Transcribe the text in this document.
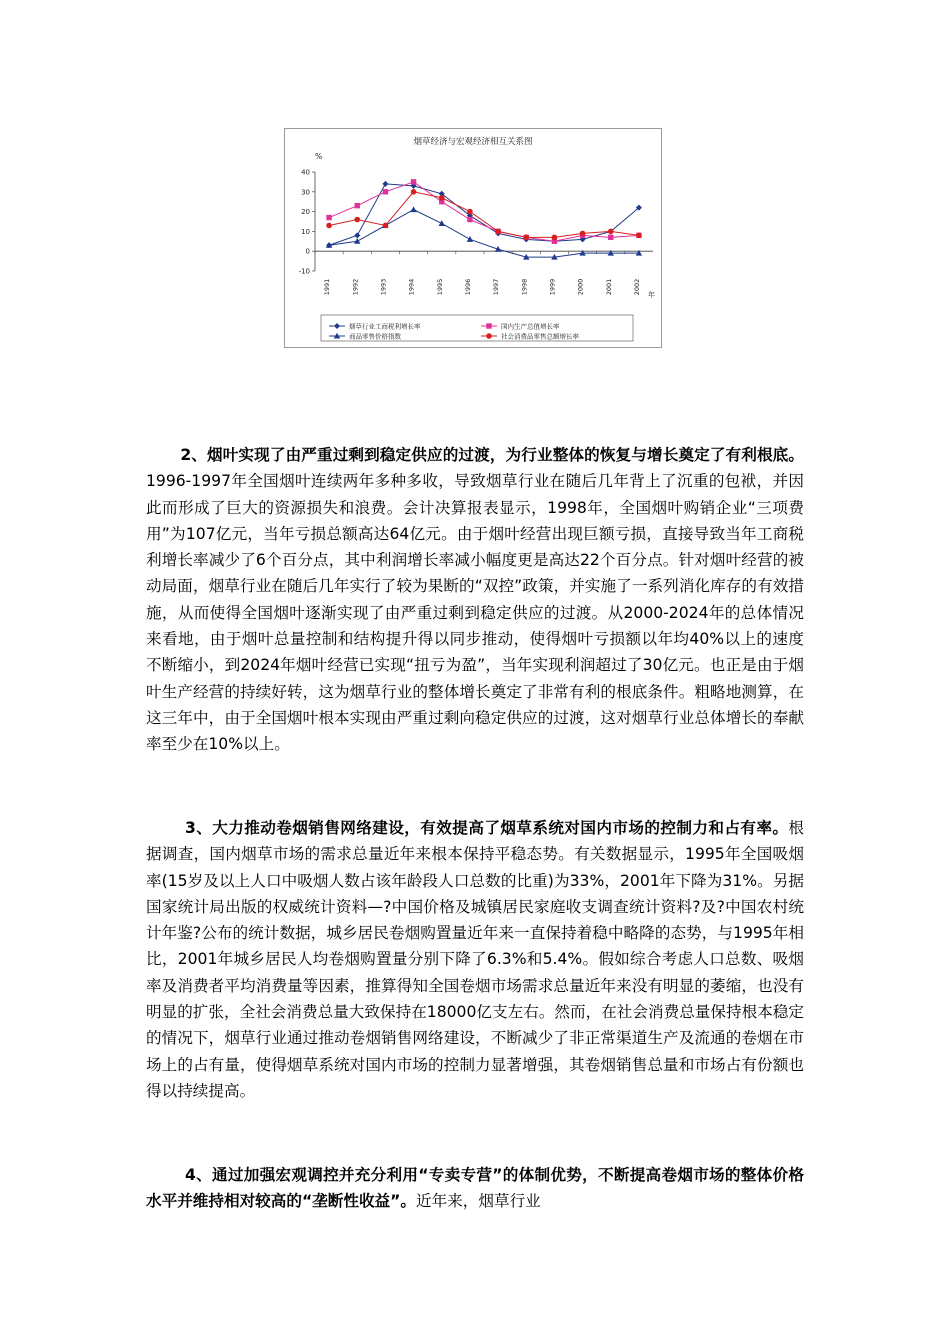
烟草经济与宏观经济相互关系图
%
年
-10
0
10
20
30
40
1991	1992	1993	1994	1995	1996	1997	1998	1999	2000	2001	2002
烟草行业工商税利增长率	国内生产总值增长率
商品零售价格指数	社会消费品零售总额增长率

2、烟叶实现了由严重过剩到稳定供应的过渡，为行业整体的恢复与增长奠定了有利根底。1996-1997年全国烟叶连续两年多种多收，导致烟草行业在随后几年背上了沉重的包袱，并因此而形成了巨大的资源损失和浪费。会计决算报表显示，1998年，全国烟叶购销企业“三项费用”为107亿元，当年亏损总额高达64亿元。由于烟叶经营出现巨额亏损，直接导致当年工商税利增长率减少了6个百分点，其中利润增长率减小幅度更是高达22个百分点。针对烟叶经营的被动局面，烟草行业在随后几年实行了较为果断的“双控”政策，并实施了一系列消化库存的有效措施，从而使得全国烟叶逐渐实现了由严重过剩到稳定供应的过渡。从2000-2024年的总体情况来看地，由于烟叶总量控制和结构提升得以同步推动，使得烟叶亏损额以年均40%以上的速度不断缩小，到2024年烟叶经营已实现“扭亏为盈”，当年实现利润超过了30亿元。也正是由于烟叶生产经营的持续好转，这为烟草行业的整体增长奠定了非常有利的根底条件。粗略地测算，在这三年中，由于全国烟叶根本实现由严重过剩向稳定供应的过渡，这对烟草行业总体增长的奉献率至少在10%以上。

3、大力推动卷烟销售网络建设，有效提高了烟草系统对国内市场的控制力和占有率。根据调查，国内烟草市场的需求总量近年来根本保持平稳态势。有关数据显示，1995年全国吸烟率(15岁及以上人口中吸烟人数占该年龄段人口总数的比重)为33%，2001年下降为31%。另据国家统计局出版的权威统计资料—?中国价格及城镇居民家庭收支调查统计资料?及?中国农村统计年鉴?公布的统计数据，城乡居民卷烟购置量近年来一直保持着稳中略降的态势，与1995年相比，2001年城乡居民人均卷烟购置量分别下降了6.3%和5.4%。假如综合考虑人口总数、吸烟率及消费者平均消费量等因素，推算得知全国卷烟市场需求总量近年来没有明显的萎缩，也没有明显的扩张，全社会消费总量大致保持在18000亿支左右。然而，在社会消费总量保持根本稳定的情况下，烟草行业通过推动卷烟销售网络建设，不断减少了非正常渠道生产及流通的卷烟在市场上的占有量，使得烟草系统对国内市场的控制力显著增强，其卷烟销售总量和市场占有份额也得以持续提高。

4、通过加强宏观调控并充分利用“专卖专营”的体制优势，不断提高卷烟市场的整体价格水平并维持相对较高的“垄断性收益”。近年来，烟草行业
